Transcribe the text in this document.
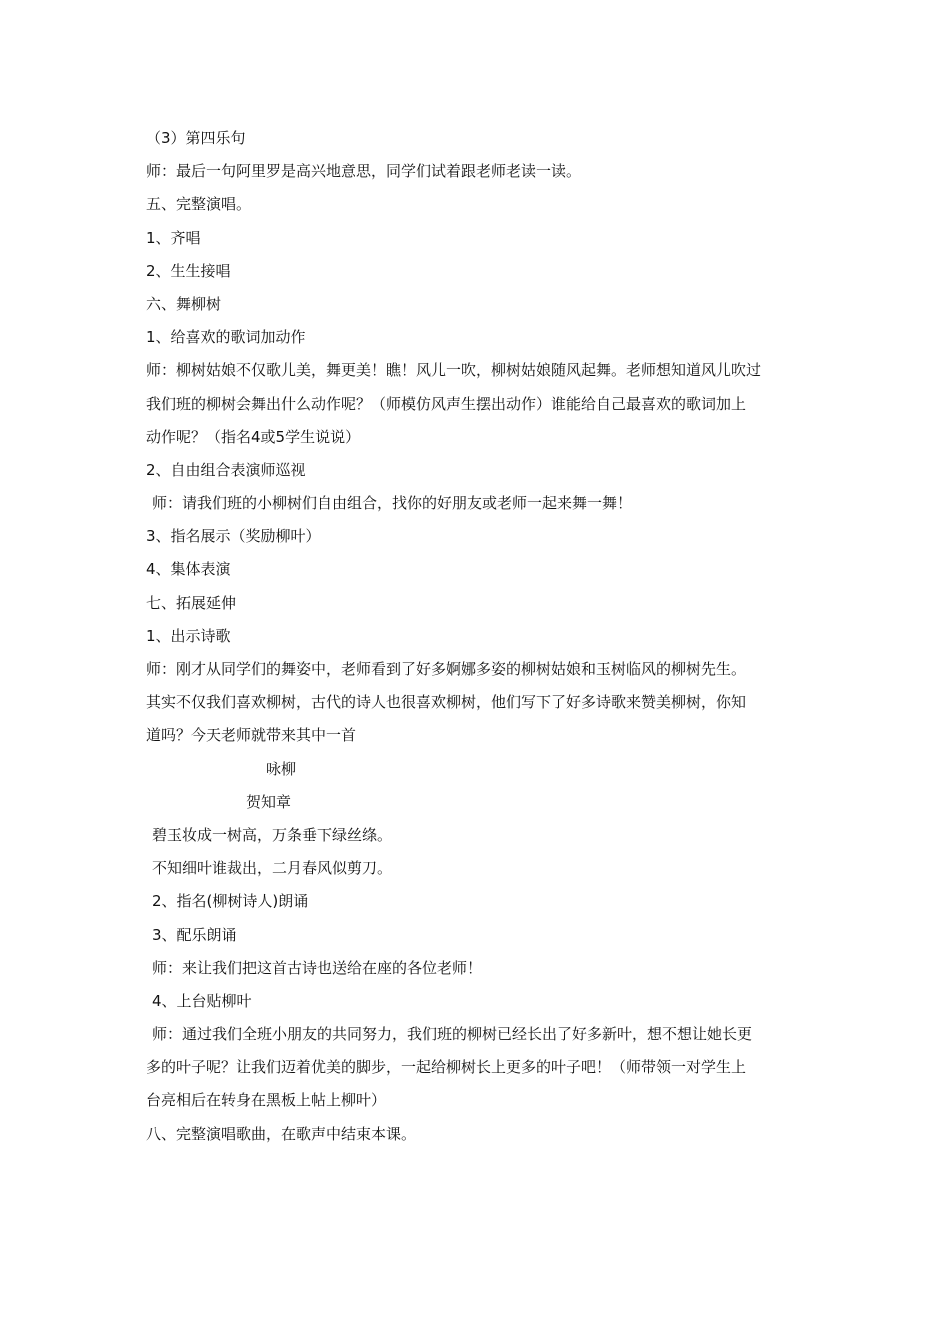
（3）第四乐句
师：最后一句阿里罗是高兴地意思，同学们试着跟老师老读一读。
五、完整演唱。
1、齐唱
2、生生接唱
六、舞柳树
1、给喜欢的歌词加动作
师：柳树姑娘不仅歌儿美，舞更美！瞧！风儿一吹，柳树姑娘随风起舞。老师想知道风儿吹过
我们班的柳树会舞出什么动作呢？（师模仿风声生摆出动作）谁能给自己最喜欢的歌词加上
动作呢？（指名4或5学生说说）
2、自由组合表演师巡视
师：请我们班的小柳树们自由组合，找你的好朋友或老师一起来舞一舞！
3、指名展示（奖励柳叶）
4、集体表演
七、拓展延伸
1、出示诗歌
师：刚才从同学们的舞姿中，老师看到了好多婀娜多姿的柳树姑娘和玉树临风的柳树先生。
其实不仅我们喜欢柳树，古代的诗人也很喜欢柳树，他们写下了好多诗歌来赞美柳树，你知
道吗？今天老师就带来其中一首
咏柳
贺知章
碧玉妆成一树高，万条垂下绿丝绦。
不知细叶谁裁出，二月春风似剪刀。
2、指名(柳树诗人)朗诵
3、配乐朗诵
师：来让我们把这首古诗也送给在座的各位老师！
4、上台贴柳叶
师：通过我们全班小朋友的共同努力，我们班的柳树已经长出了好多新叶，想不想让她长更
多的叶子呢？让我们迈着优美的脚步，一起给柳树长上更多的叶子吧！（师带领一对学生上
台亮相后在转身在黑板上帖上柳叶）
八、完整演唱歌曲，在歌声中结束本课。
